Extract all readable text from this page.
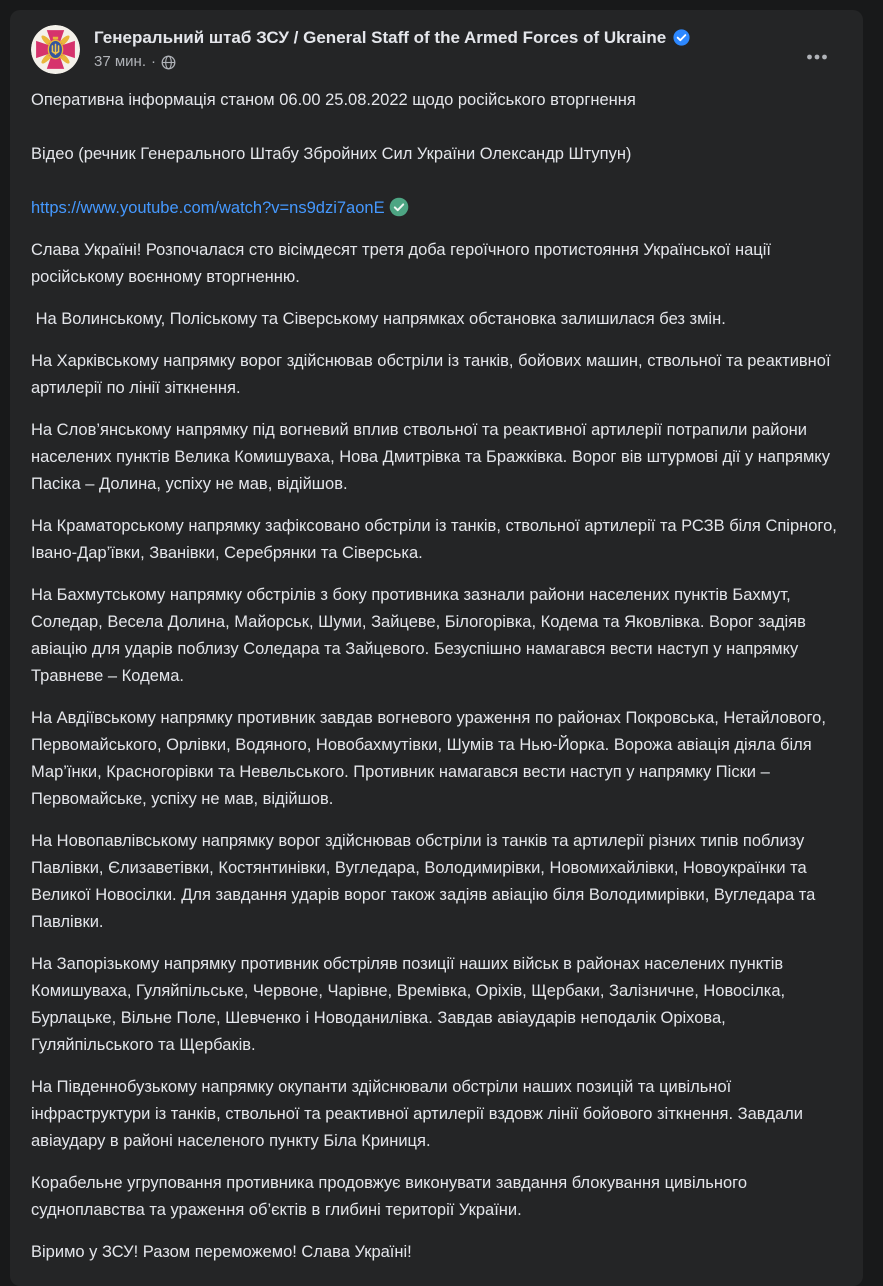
Генеральний штаб ЗСУ / General Staff of the Armed Forces of Ukraine
37 мин. ·

Оперативна інформація станом 06.00 25.08.2022 щодо російського вторгнення

Відео (речник Генерального Штабу Збройних Сил України Олександр Штупун)

https://www.youtube.com/watch?v=ns9dzi7aonE

Слава Україні! Розпочалася сто вісімдесят третя доба героїчного протистояння Української нації російському воєнному вторгненню.

На Волинському, Поліському та Сіверському напрямках обстановка залишилася без змін.

На Харківському напрямку ворог здійснював обстріли із танків, бойових машин, ствольної та реактивної артилерії по лінії зіткнення.

На Слов’янському напрямку під вогневий вплив ствольної та реактивної артилерії потрапили райони населених пунктів Велика Комишуваха, Нова Дмитрівка та Бражківка. Ворог вів штурмові дії у напрямку Пасіка – Долина, успіху не мав, відійшов.

На Краматорському напрямку зафіксовано обстріли із танків, ствольної артилерії та РСЗВ біля Спірного, Івано-Дар’ївки, Званівки, Серебрянки та Сіверська.

На Бахмутському напрямку обстрілів з боку противника зазнали райони населених пунктів Бахмут, Соледар, Весела Долина, Майорськ, Шуми, Зайцеве, Білогорівка, Кодема та Яковлівка. Ворог задіяв авіацію для ударів поблизу Соледара та Зайцевого. Безуспішно намагався вести наступ у напрямку Травневе – Кодема.

На Авдіївському напрямку противник завдав вогневого ураження по районах Покровська, Нетайлового, Первомайського, Орлівки, Водяного, Новобахмутівки, Шумів та Нью-Йорка. Ворожа авіація діяла біля Мар’їнки, Красногорівки та Невельського. Противник намагався вести наступ у напрямку Піски – Первомайське, успіху не мав, відійшов.

На Новопавлівському напрямку ворог здійснював обстріли із танків та артилерії різних типів поблизу Павлівки, Єлизаветівки, Костянтинівки, Вугледара, Володимирівки, Новомихайлівки, Новоукраїнки та Великої Новосілки. Для завдання ударів ворог також задіяв авіацію біля Володимирівки, Вугледара та Павлівки.

На Запорізькому напрямку противник обстріляв позиції наших військ в районах населених пунктів Комишуваха, Гуляйпільське, Червоне, Чарівне, Времівка, Оріхів, Щербаки, Залізничне, Новосілка, Бурлацьке, Вільне Поле, Шевченко і Новоданилівка. Завдав авіаударів неподалік Оріхова, Гуляйпільського та Щербаків.

На Південнобузькому напрямку окупанти здійснювали обстріли наших позицій та цивільної інфраструктури із танків, ствольної та реактивної артилерії вздовж лінії бойового зіткнення. Завдали авіаудару в районі населеного пункту Біла Криниця.

Корабельне угруповання противника продовжує виконувати завдання блокування цивільного судноплавства та ураження об’єктів в глибині території України.

Віримо у ЗСУ! Разом переможемо! Слава Україні!
